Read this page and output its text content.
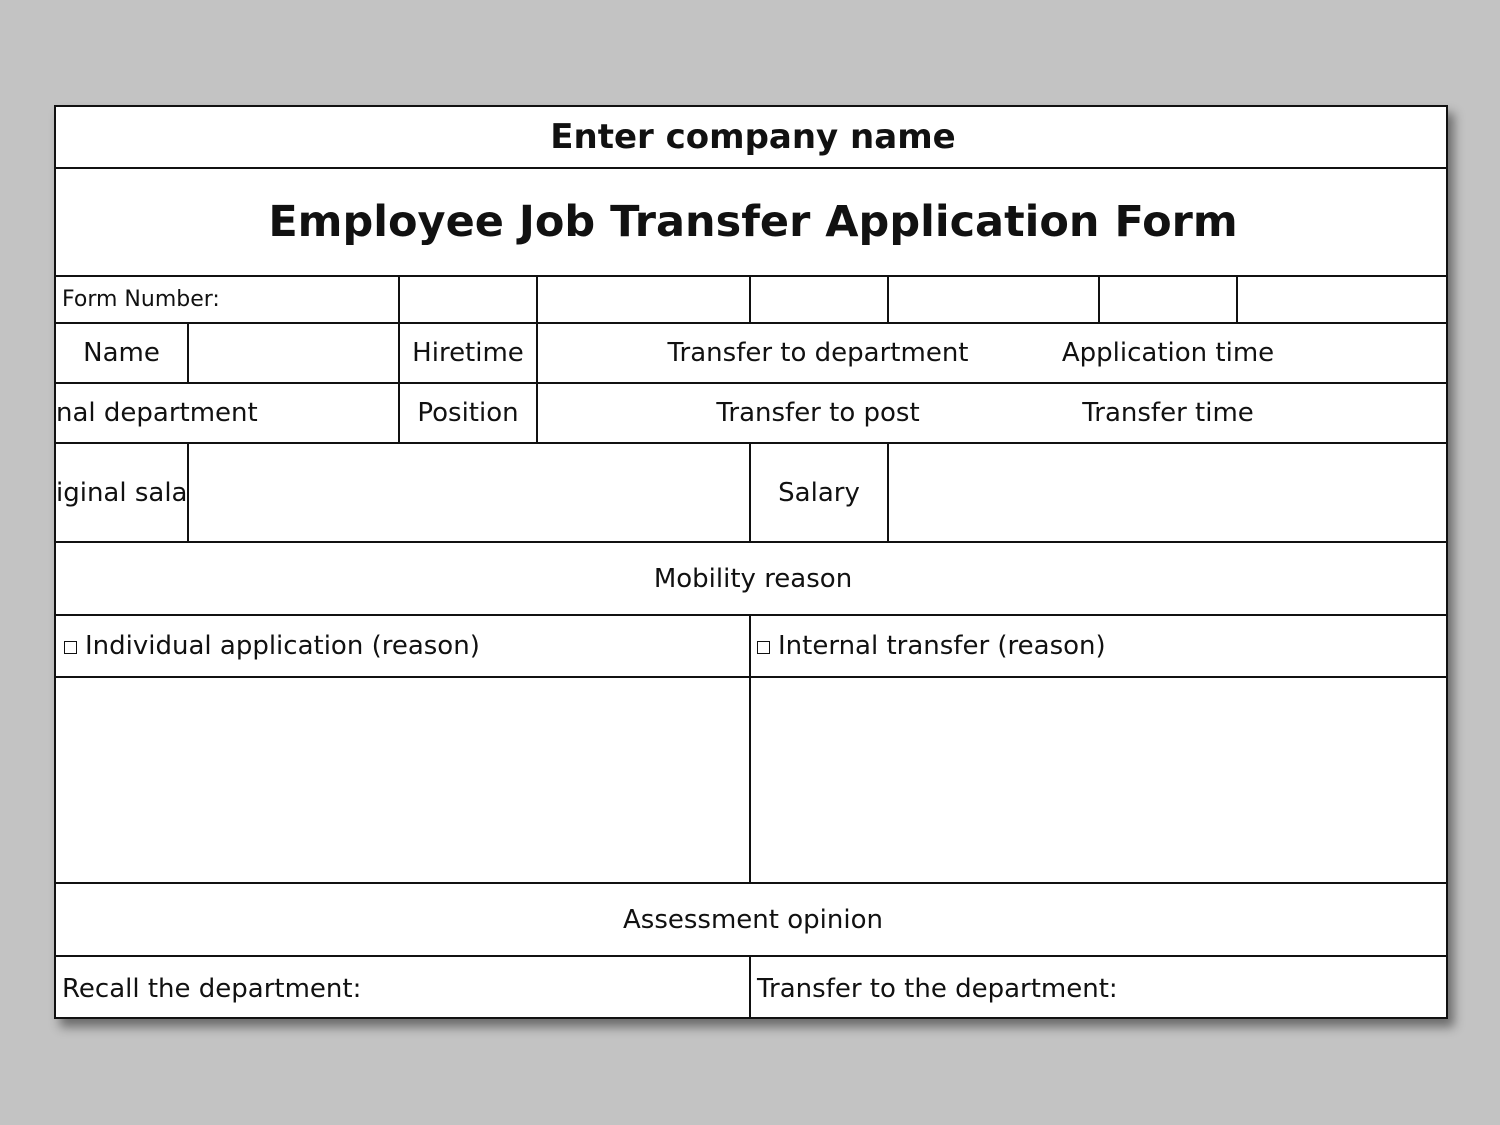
Enter company name
Employee Job Transfer Application Form
Form Number:
Name	Hiretime	Transfer to department	Application time
nal department	Position	Transfer to post	Transfer time
iginal sala	Salary
Mobility reason
Individual application (reason)	Internal transfer (reason)
Assessment opinion
Recall the department:	Transfer to the department:
